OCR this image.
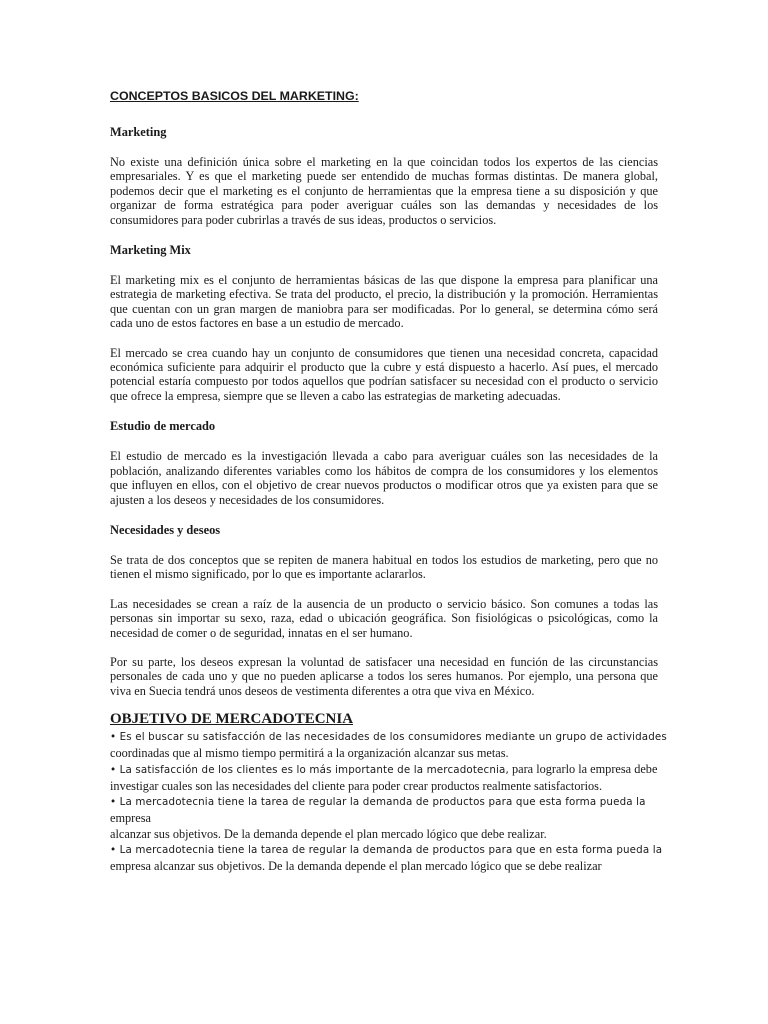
CONCEPTOS BASICOS DEL MARKETING:
Marketing
No existe una definición única sobre el marketing en la que coincidan todos los expertos de las ciencias empresariales. Y es que el marketing puede ser entendido de muchas formas distintas. De manera global, podemos decir que el marketing es el conjunto de herramientas que la empresa tiene a su disposición y que organizar de forma estratégica para poder averiguar cuáles son las demandas y necesidades de los consumidores para poder cubrirlas a través de sus ideas, productos o servicios.
Marketing Mix
El marketing mix es el conjunto de herramientas básicas de las que dispone la empresa para planificar una estrategia de marketing efectiva. Se trata del producto, el precio, la distribución y la promoción. Herramientas que cuentan con un gran margen de maniobra para ser modificadas. Por lo general, se determina cómo será cada uno de estos factores en base a un estudio de mercado.
El mercado se crea cuando hay un conjunto de consumidores que tienen una necesidad concreta, capacidad económica suficiente para adquirir el producto que la cubre y está dispuesto a hacerlo. Así pues, el mercado potencial estaría compuesto por todos aquellos que podrían satisfacer su necesidad con el producto o servicio que ofrece la empresa, siempre que se lleven a cabo las estrategias de marketing adecuadas.
Estudio de mercado
El estudio de mercado es la investigación llevada a cabo para averiguar cuáles son las necesidades de la población, analizando diferentes variables como los hábitos de compra de los consumidores y los elementos que influyen en ellos, con el objetivo de crear nuevos productos o modificar otros que ya existen para que se ajusten a los deseos y necesidades de los consumidores.
Necesidades y deseos
Se trata de dos conceptos que se repiten de manera habitual en todos los estudios de marketing, pero que no tienen el mismo significado, por lo que es importante aclararlos.
Las necesidades se crean a raíz de la ausencia de un producto o servicio básico. Son comunes a todas las personas sin importar su sexo, raza, edad o ubicación geográfica. Son fisiológicas o psicológicas, como la necesidad de comer o de seguridad, innatas en el ser humano.
Por su parte, los deseos expresan la voluntad de satisfacer una necesidad en función de las circunstancias personales de cada uno y que no pueden aplicarse a todos los seres humanos. Por ejemplo, una persona que viva en Suecia tendrá unos deseos de vestimenta diferentes a otra que viva en México.
OBJETIVO DE MERCADOTECNIA
• Es el buscar su satisfacción de las necesidades de los consumidores mediante un grupo de actividades
coordinadas que al mismo tiempo permitirá a la organización alcanzar sus metas.
• La satisfacción de los clientes es lo más importante de la mercadotecnia, para lograrlo la empresa debe
investigar cuales son las necesidades del cliente para poder crear productos realmente satisfactorios.
• La mercadotecnia tiene la tarea de regular la demanda de productos para que esta forma pueda la
empresa
alcanzar sus objetivos. De la demanda depende el plan mercado lógico que debe realizar.
• La mercadotecnia tiene la tarea de regular la demanda de productos para que en esta forma pueda la
empresa alcanzar sus objetivos. De la demanda depende el plan mercado lógico que se debe realizar
